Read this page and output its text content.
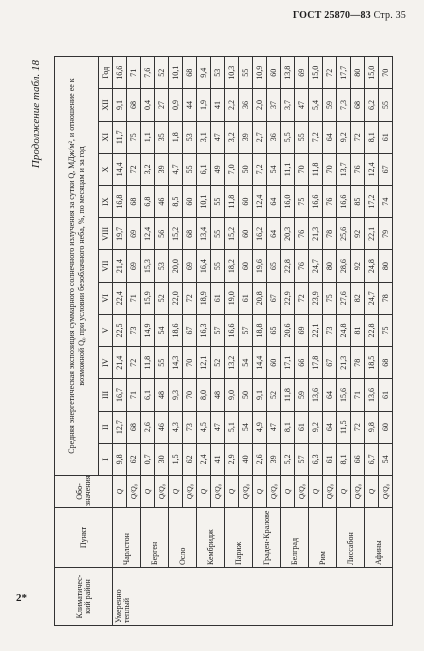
ГОСТ 25870—83 Стр. 35
2*
Продолжение табл. 18
Климатичес-кий район	Пункт	Обо-значения	Средняя энергетическая экспозиция суммарного солнечного излучения за сутки Q, МДж/м², и отношение ее к возможной Q₀ при условии безоблачного неба, %, по месяцам и за год												
			I	II	III	IV	V	VI	VII	VIII	IX	X	XI	XII	Год
Умеренно теплый	Чарлстон	Q	9,8	12,7	16,7	21,4	22,5	22,4	21,4	19,7	16,8	14,4	11,7	9,1	16,6
		Q/Q₀	62	68	71	72	73	71	69	69	68	72	75	68	71
	Берген	Q	0,7	2,6	6,1	11,8	14,9	15,9	15,3	12,4	6,8	3,2	1,1	0,4	7,6
		Q/Q₀	30	46	48	55	54	52	53	56	46	39	35	27	52
	Осло	Q	1,5	4,3	9,3	14,3	18,6	22,0	20,0	15,2	8,5	4,7	1,8	0,9	10,1
		Q/Q₀	62	73	70	70	67	72	69	68	60	55	53	44	68
	Кембридж	Q	2,4	4,5	8,0	12,1	16,3	18,9	16,4	13,4	10,1	6,1	3,1	1,9	9,4
		Q/Q₀	41	47	48	52	57	61	55	55	55	49	47	41	53
	Париж	Q	2,9	5,1	9,0	13,2	16,6	19,0	18,2	15,2	11,8	7,0	3,2	2,2	10,3
		Q/Q₀	40	54	50	54	57	61	60	60	60	50	39	36	55
	Граден-Кралове	Q	2,6	4,9	9,1	14,4	18,8	20,8	19,6	16,2	12,4	7,2	2,7	2,0	10,9
		Q/Q₀	39	47	52	60	65	67	65	64	64	54	36	37	60
	Белград	Q	5,2	8,1	11,8	17,1	20,6	22,9	22,8	20,3	16,0	11,1	5,5	3,7	13,8
		Q/Q₀	57	61	59	66	69	72	76	76	75	70	55	47	69
	Рим	Q	6,3	9,2	13,6	17,8	22,1	23,9	24,7	21,3	16,6	11,8	7,2	5,4	15,0
		Q/Q₀	61	64	64	67	73	75	80	78	76	70	64	59	72
	Лиссабон	Q	8,1	11,5	15,6	21,3	24,8	27,6	28,6	25,6	16,6	13,7	9,2	7,3	17,7
		Q/Q₀	66	72	71	78	81	82	92	92	85	76	72	68	80
	Афины	Q	6,7	9,8	13,6	18,5	22,8	24,7	24,8	22,1	17,2	12,4	8,1	6,2	15,0
		Q/Q₀	54	60	61	68	75	78	80	79	74	67	61	55	70
